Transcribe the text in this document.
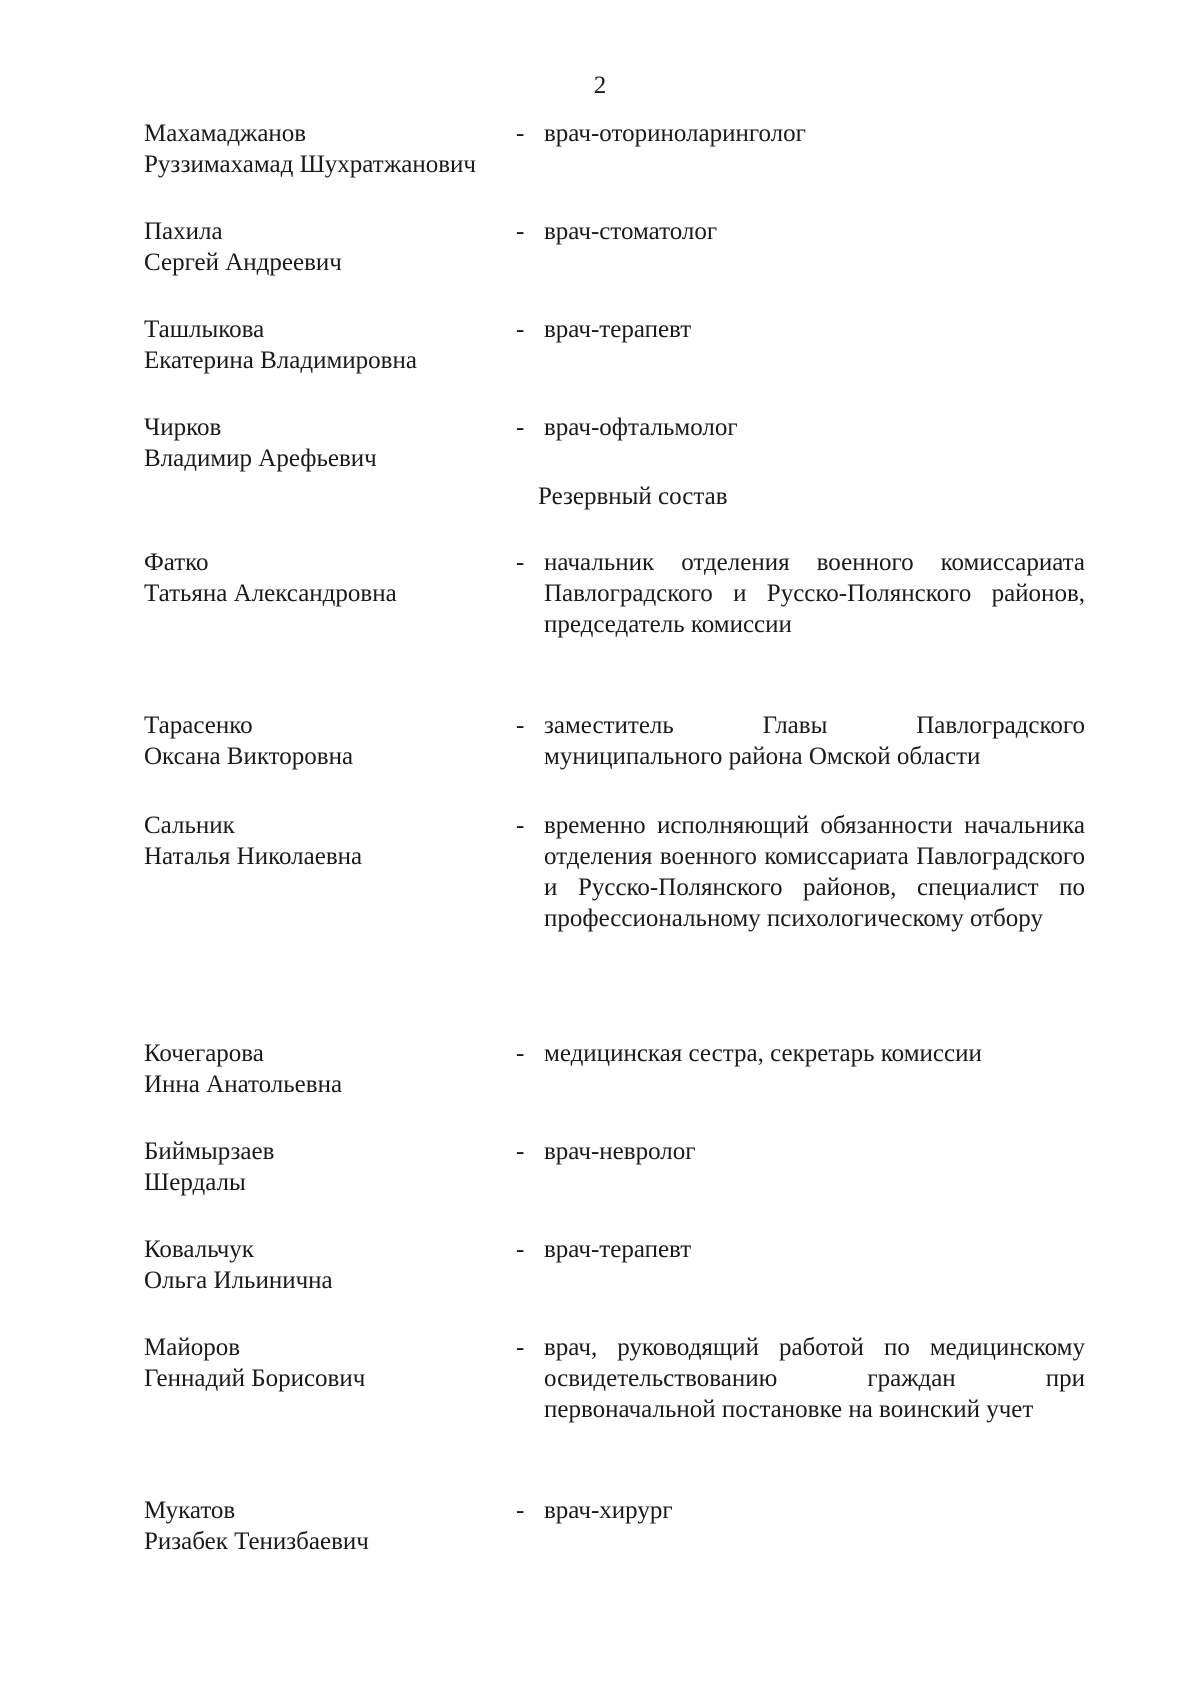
2
Махамаджанов
Руззимахамад Шухратжанович
- врач-оториноларинголог
Пахила
Сергей Андреевич
- врач-стоматолог
Ташлыкова
Екатерина Владимировна
- врач-терапевт
Чирков
Владимир Арефьевич
- врач-офтальмолог
Резервный состав
Фатко
Татьяна Александровна
- начальник отделения военного комиссариата Павлоградского и Русско-Полянского районов, председатель комиссии
Тарасенко
Оксана Викторовна
- заместитель Главы Павлоградского муниципального района Омской области
Сальник
Наталья Николаевна
- временно исполняющий обязанности начальника отделения военного комиссариата Павлоградского и Русско-Полянского районов, специалист по профессиональному психологическому отбору
Кочегарова
Инна Анатольевна
- медицинская сестра, секретарь комиссии
Биймырзаев
Шердалы
- врач-невролог
Ковальчук
Ольга Ильинична
- врач-терапевт
Майоров
Геннадий Борисович
- врач, руководящий работой по медицинскому освидетельствованию граждан при первоначальной постановке на воинский учет
Мукатов
Ризабек Тенизбаевич
- врач-хирург
